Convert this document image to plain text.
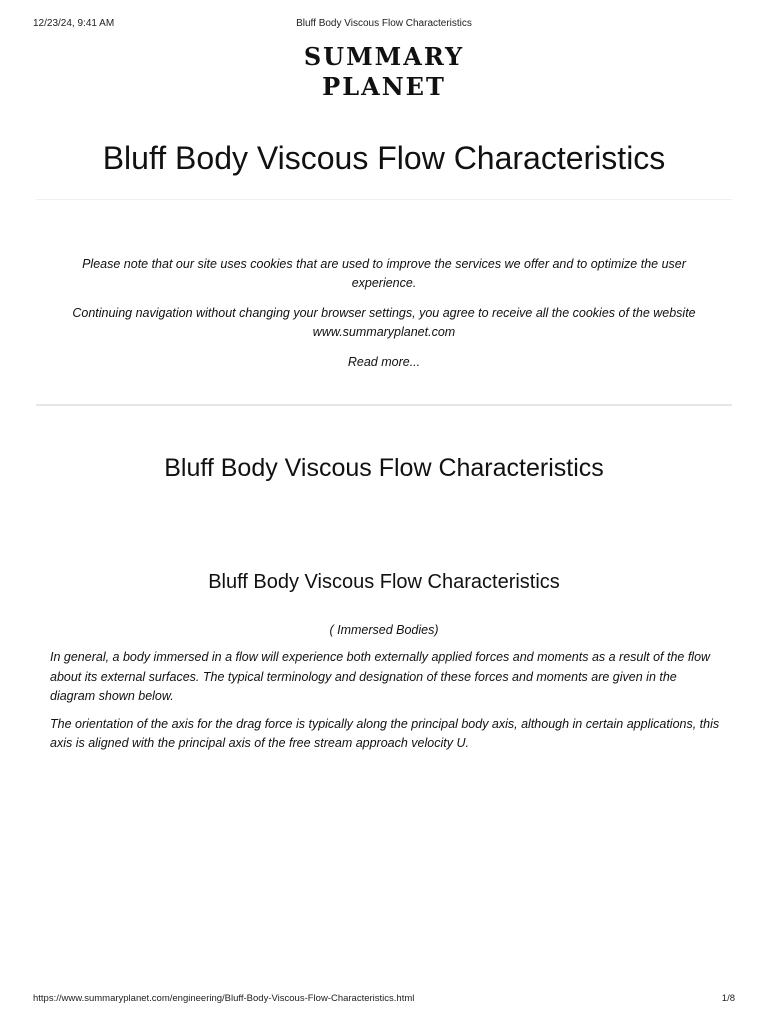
12/23/24, 9:41 AM	Bluff Body Viscous Flow Characteristics
SUMMARY
PLANET
Bluff Body Viscous Flow Characteristics

Please note that our site uses cookies that are used to improve the services we offer and to optimize the user experience.

Continuing navigation without changing your browser settings, you agree to receive all the cookies of the website www.summaryplanet.com

Read more...

Bluff Body Viscous Flow Characteristics
Bluff Body Viscous Flow Characteristics
( Immersed Bodies)

In general, a body immersed in a flow will experience both externally applied forces and moments as a result of the flow about its external surfaces. The typical terminology and designation of these forces and moments are given in the diagram shown below.

The orientation of the axis for the drag force is typically along the principal body axis, although in certain applications, this axis is aligned with the principal axis of the free stream approach velocity U.

https://www.summaryplanet.com/engineering/Bluff-Body-Viscous-Flow-Characteristics.html	1/8
